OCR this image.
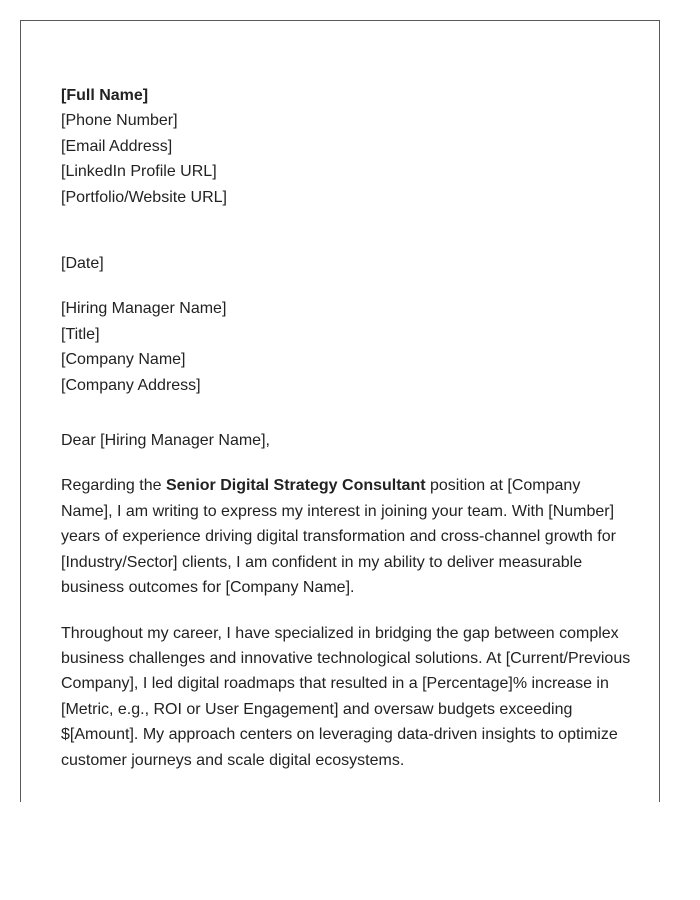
[Full Name]
[Phone Number]
[Email Address]
[LinkedIn Profile URL]
[Portfolio/Website URL]
[Date]
[Hiring Manager Name]
[Title]
[Company Name]
[Company Address]
Dear [Hiring Manager Name],

Regarding the Senior Digital Strategy Consultant position at [Company Name], I am writing to express my interest in joining your team. With [Number] years of experience driving digital transformation and cross-channel growth for [Industry/Sector] clients, I am confident in my ability to deliver measurable business outcomes for [Company Name].

Throughout my career, I have specialized in bridging the gap between complex business challenges and innovative technological solutions. At [Current/Previous Company], I led digital roadmaps that resulted in a [Percentage]% increase in [Metric, e.g., ROI or User Engagement] and oversaw budgets exceeding $[Amount]. My approach centers on leveraging data-driven insights to optimize customer journeys and scale digital ecosystems.
